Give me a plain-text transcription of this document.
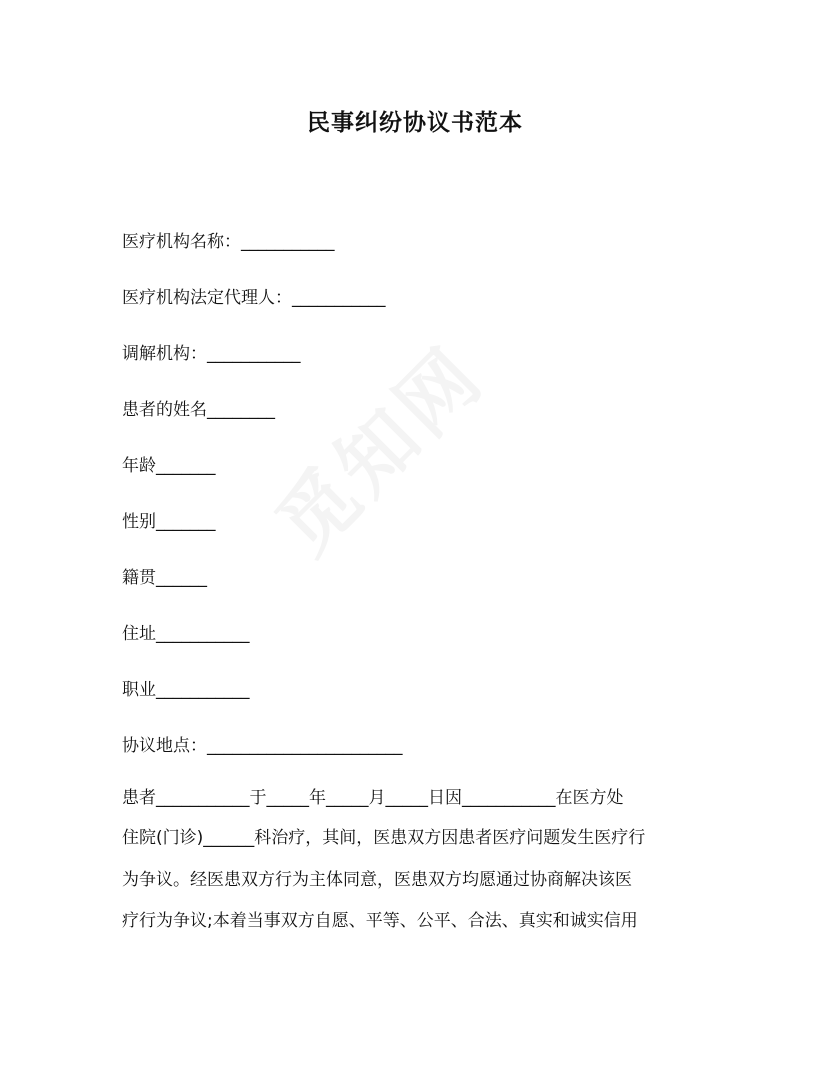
民事纠纷协议书范本
医疗机构名称：___________
医疗机构法定代理人：___________
调解机构：___________
患者的姓名________
年龄_______
性别_______
籍贯______
住址___________
职业___________
协议地点：_______________________
患者___________于_____年_____月_____日因___________在医方处
住院(门诊)______科治疗，其间，医患双方因患者医疗问题发生医疗行
为争议。经医患双方行为主体同意，医患双方均愿通过协商解决该医
疗行为争议;本着当事双方自愿、平等、公平、合法、真实和诚实信用
